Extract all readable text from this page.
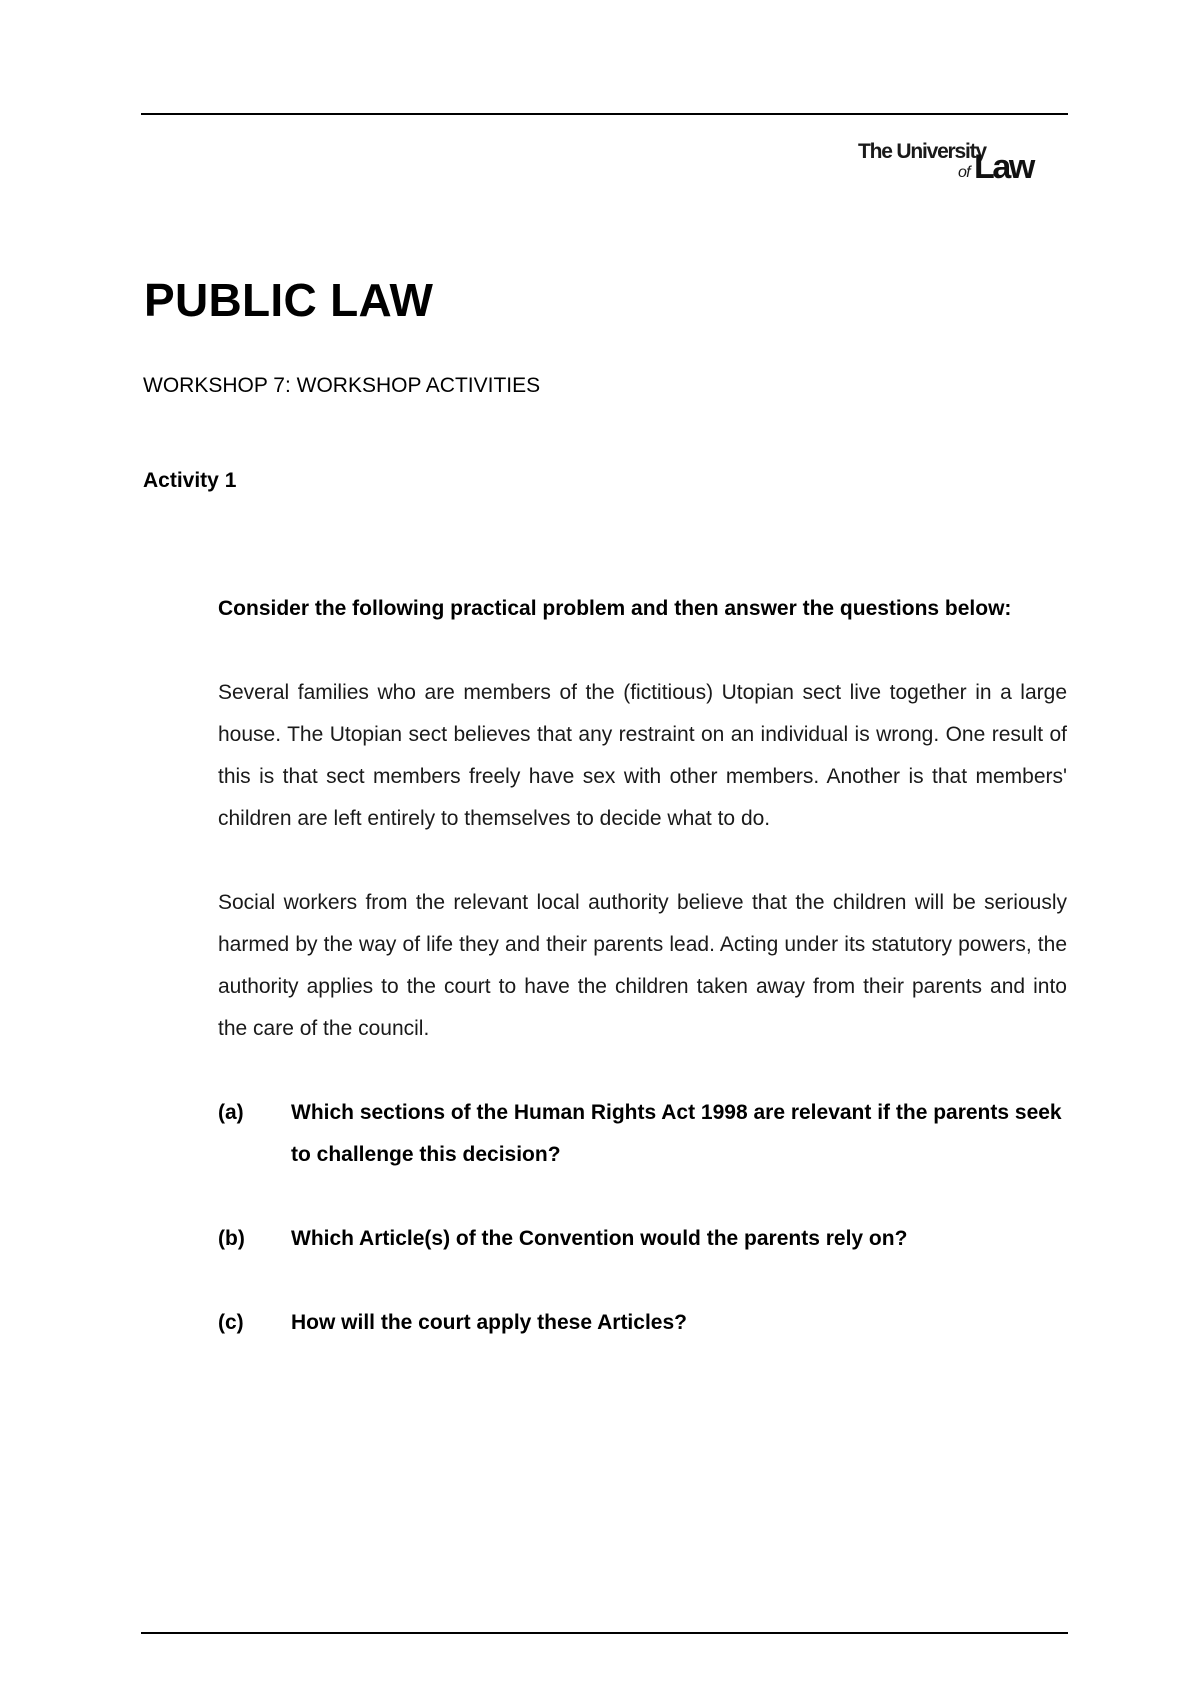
The University
of Law
PUBLIC LAW

WORKSHOP 7: WORKSHOP ACTIVITIES

Activity 1

Consider the following practical problem and then answer the questions below:

Several families who are members of the (fictitious) Utopian sect live together in a large house. The Utopian sect believes that any restraint on an individual is wrong. One result of this is that sect members freely have sex with other members. Another is that members' children are left entirely to themselves to decide what to do.

Social workers from the relevant local authority believe that the children will be seriously harmed by the way of life they and their parents lead. Acting under its statutory powers, the authority applies to the court to have the children taken away from their parents and into the care of the council.

(a)	Which sections of the Human Rights Act 1998 are relevant if the parents seek to challenge this decision?
(b)	Which Article(s) of the Convention would the parents rely on?
(c)	How will the court apply these Articles?
